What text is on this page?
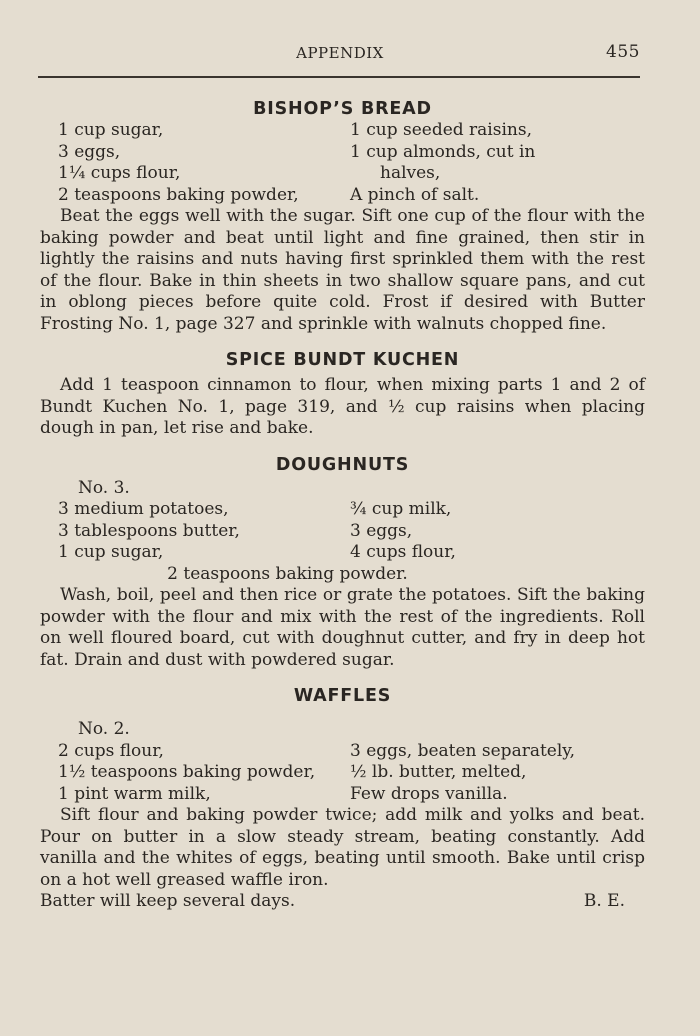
APPENDIX	455
BISHOP’S BREAD
1 cup sugar,
3 eggs,
1¼ cups flour,
2 teaspoons baking powder,
1 cup seeded raisins,
1 cup almonds, cut in
halves,
A pinch of salt.

Beat the eggs well with the sugar. Sift one cup of the flour with the baking powder and beat until light and fine grained, then stir in lightly the raisins and nuts having first sprinkled them with the rest of the flour. Bake in thin sheets in two shallow square pans, and cut in oblong pieces before quite cold. Frost if desired with Butter Frosting No. 1, page 327 and sprinkle with walnuts chopped fine.

SPICE BUNDT KUCHEN

Add 1 teaspoon cinnamon to flour, when mixing parts 1 and 2 of Bundt Kuchen No. 1, page 319, and ½ cup raisins when placing dough in pan, let rise and bake.

DOUGHNUTS
No. 3.
3 medium potatoes,
3 tablespoons butter,
1 cup sugar,
¾ cup milk,
3 eggs,
4 cups flour,
2 teaspoons baking powder.

Wash, boil, peel and then rice or grate the potatoes. Sift the baking powder with the flour and mix with the rest of the ingredients. Roll on well floured board, cut with doughnut cutter, and fry in deep hot fat. Drain and dust with powdered sugar.

WAFFLES
No. 2.
2 cups flour,
1½ teaspoons baking powder,
1 pint warm milk,
3 eggs, beaten separately,
½ lb. butter, melted,
Few drops vanilla.

Sift flour and baking powder twice; add milk and yolks and beat. Pour on butter in a slow steady stream, beating constantly. Add vanilla and the whites of eggs, beating until smooth. Bake until crisp on a hot well greased waffle iron.

Batter will keep several days.	B. E.
